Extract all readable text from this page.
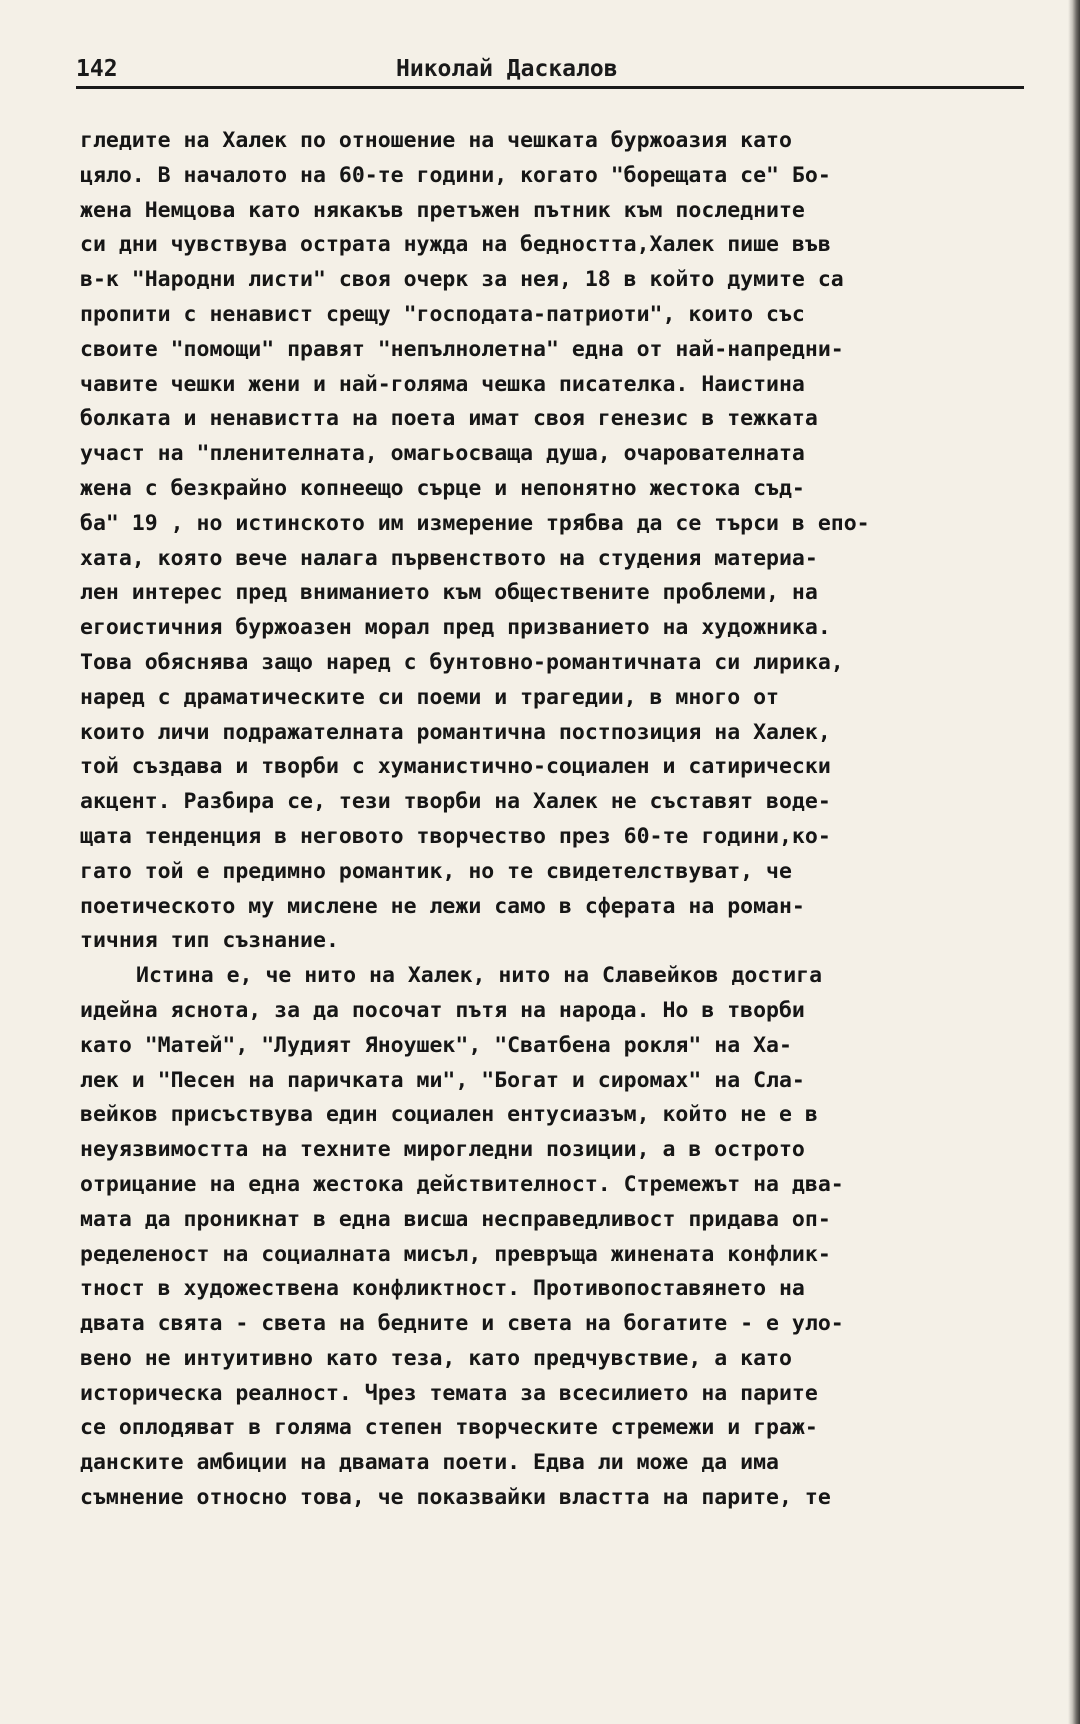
142	Николай Даскалов
гледите на Халек по отношение на чешката буржоазия като
цяло. В началото на 60-те години, когато "борещата се" Бо-
жена Немцова като някакъв претъжен пътник към последните
си дни чувствува острата нужда на бедността,Халек пише във
в-к "Народни листи" своя очерк за нея, 18 в който думите са
пропити с ненавист срещу "господата-патриоти", които със
своите "помощи" правят "непълнолетна" една от най-напредни-
чавите чешки жени и най-голяма чешка писателка. Наистина
болката и ненавистта на поета имат своя генезис в тежката
участ на "пленителната, омагьосваща душа, очарователната
жена с безкрайно копнеещо сърце и непонятно жестока съд-
ба" 19 , но истинското им измерение трябва да се търси в епо-
хата, която вече налага първенството на студения материа-
лен интерес пред вниманието към обществените проблеми, на
егоистичния буржоазен морал пред призванието на художника.
Това обяснява защо наред с бунтовно-романтичната си лирика,
наред с драматическите си поеми и трагедии, в много от
които личи подражателната романтична постпозиция на Халек,
той създава и творби с хуманистично-социален и сатирически
акцент. Разбира се, тези творби на Халек не съставят воде-
щата тенденция в неговото творчество през 60-те години,ко-
гато той е предимно романтик, но те свидетелствуват, че
поетическото му мислене не лежи само в сферата на роман-
тичния тип съзнание.
Истина е, че нито на Халек, нито на Славейков достига
идейна яснота, за да посочат пътя на народа. Но в творби
като "Матей", "Лудият Яноушек", "Сватбена рокля" на Ха-
лек и "Песен на паричката ми", "Богат и сиромах" на Сла-
вейков присъствува един социален ентусиазъм, който не е в
неуязвимостта на техните мирогледни позиции, а в острото
отрицание на една жестока действителност. Стремежът на два-
мата да проникнат в една висша несправедливост придава оп-
ределеност на социалната мисъл, превръща жинената конфлик-
тност в художествена конфликтност. Противопоставянето на
двата свята - света на бедните и света на богатите - е уло-
вено не интуитивно като теза, като предчувствие, а като
историческа реалност. Чрез темата за всесилието на парите
се оплодяват в голяма степен творческите стремежи и граж-
данските амбиции на двамата поети. Едва ли може да има
съмнение относно това, че показвайки властта на парите, те
